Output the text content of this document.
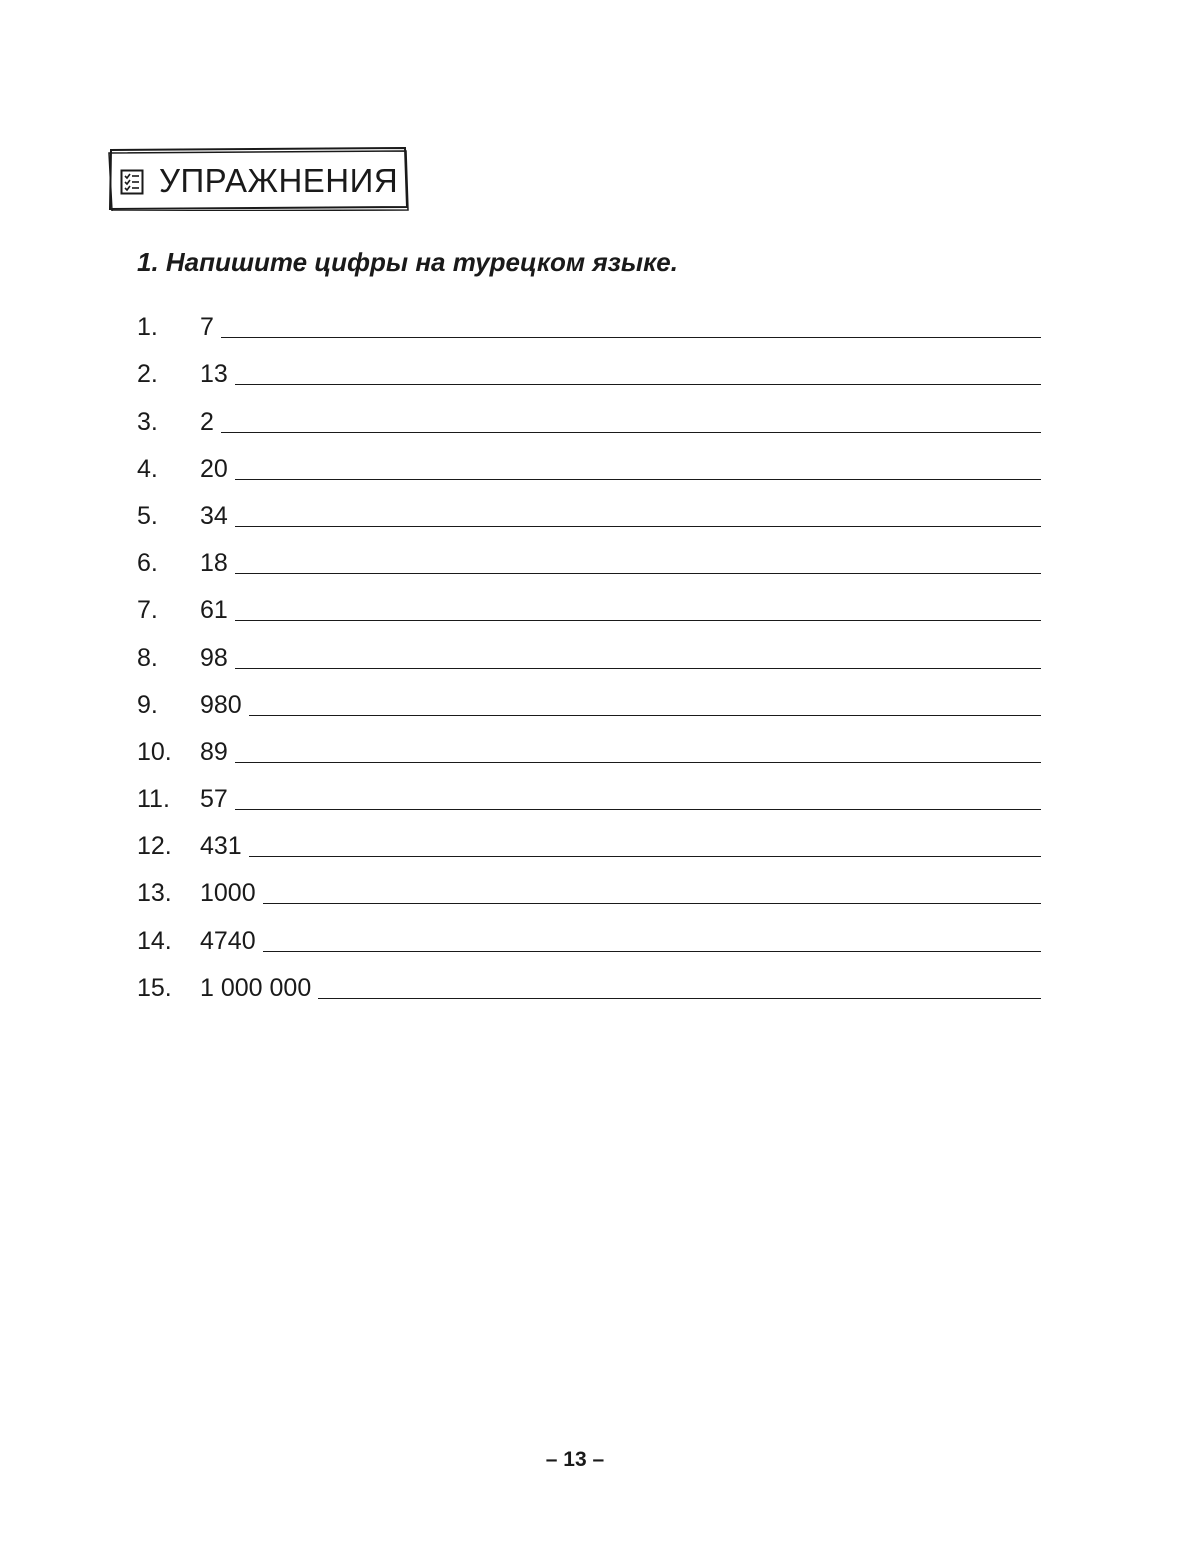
УПРАЖНЕНИЯ
1. Напишите цифры на турецком языке.
1.	7
2.	13
3.	2
4.	20
5.	34
6.	18
7.	61
8.	98
9.	980
10.	89
11.	57
12.	431
13.	1000
14.	4740
15.	1 000 000
– 13 –
